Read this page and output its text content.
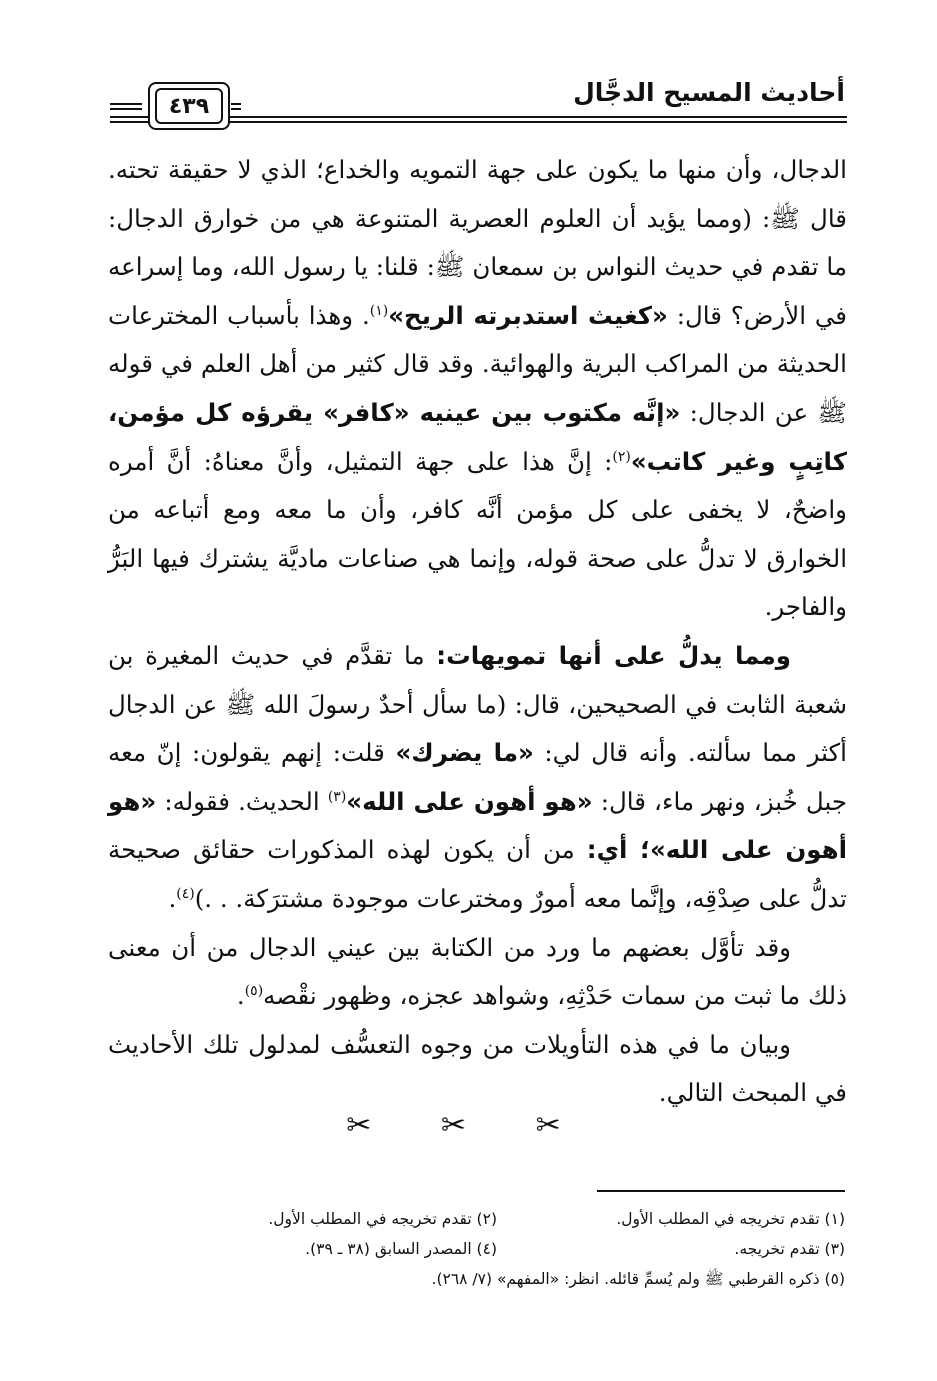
أحاديث المسيح الدجَّال
٤٣٩

الدجال، وأن منها ما يكون على جهة التمويه والخداع؛ الذي لا حقيقة تحته. قال ﷺ: (ومما يؤيد أن العلوم العصرية المتنوعة هي من خوارق الدجال: ما تقدم في حديث النواس بن سمعان ﷺ: قلنا: يا رسول الله، وما إسراعه في الأرض؟ قال: «كغيث استدبرته الريح»$^{(١)}$. وهذا بأسباب المخترعات الحديثة من المراكب البرية والهوائية. وقد قال كثير من أهل العلم في قوله ﷺ عن الدجال: «إنَّه مكتوب بين عينيه «كافر» يقرؤه كل مؤمن، كاتِبٍ وغير كاتب»$^{(٢)}$: إنَّ هذا على جهة التمثيل، وأنَّ معناهُ: أنَّ أمره واضحٌ، لا يخفى على كل مؤمن أنَّه كافر، وأن ما معه ومع أتباعه من الخوارق لا تدلُّ على صحة قوله، وإنما هي صناعات ماديَّة يشترك فيها البَرُّ والفاجر.

ومما يدلُّ على أنها تمويهات: ما تقدَّم في حديث المغيرة بن شعبة الثابت في الصحيحين، قال: (ما سأل أحدٌ رسولَ الله ﷺ عن الدجال أكثر مما سألته. وأنه قال لي: «ما يضرك» قلت: إنهم يقولون: إنّ معه جبل خُبز، ونهر ماء، قال: «هو أهون على الله»$^{(٣)}$ الحديث. فقوله: «هو أهون على الله»؛ أي: من أن يكون لهذه المذكورات حقائق صحيحة تدلُّ على صِدْقِه، وإنَّما معه أمورٌ ومخترعات موجودة مشترَكة. . .)$^{(٤)}$.

وقد تأوَّل بعضهم ما ورد من الكتابة بين عيني الدجال من أن معنى ذلك ما ثبت من سمات حَدْثِهِ، وشواهد عجزه، وظهور نقْصه$^{(٥)}$.

وبيان ما في هذه التأويلات من وجوه التعسُّف لمدلول تلك الأحاديث في المبحث التالي.

✂ ✂ ✂
(١) تقدم تخريجه في المطلب الأول.
(٢) تقدم تخريجه في المطلب الأول.
(٣) تقدم تخريجه.
(٤) المصدر السابق (٣٨ ـ ٣٩).
(٥) ذكره القرطبي ﷺ ولم يُسمِّ قائله. انظر: «المفهم» (٧/ ٢٦٨).
